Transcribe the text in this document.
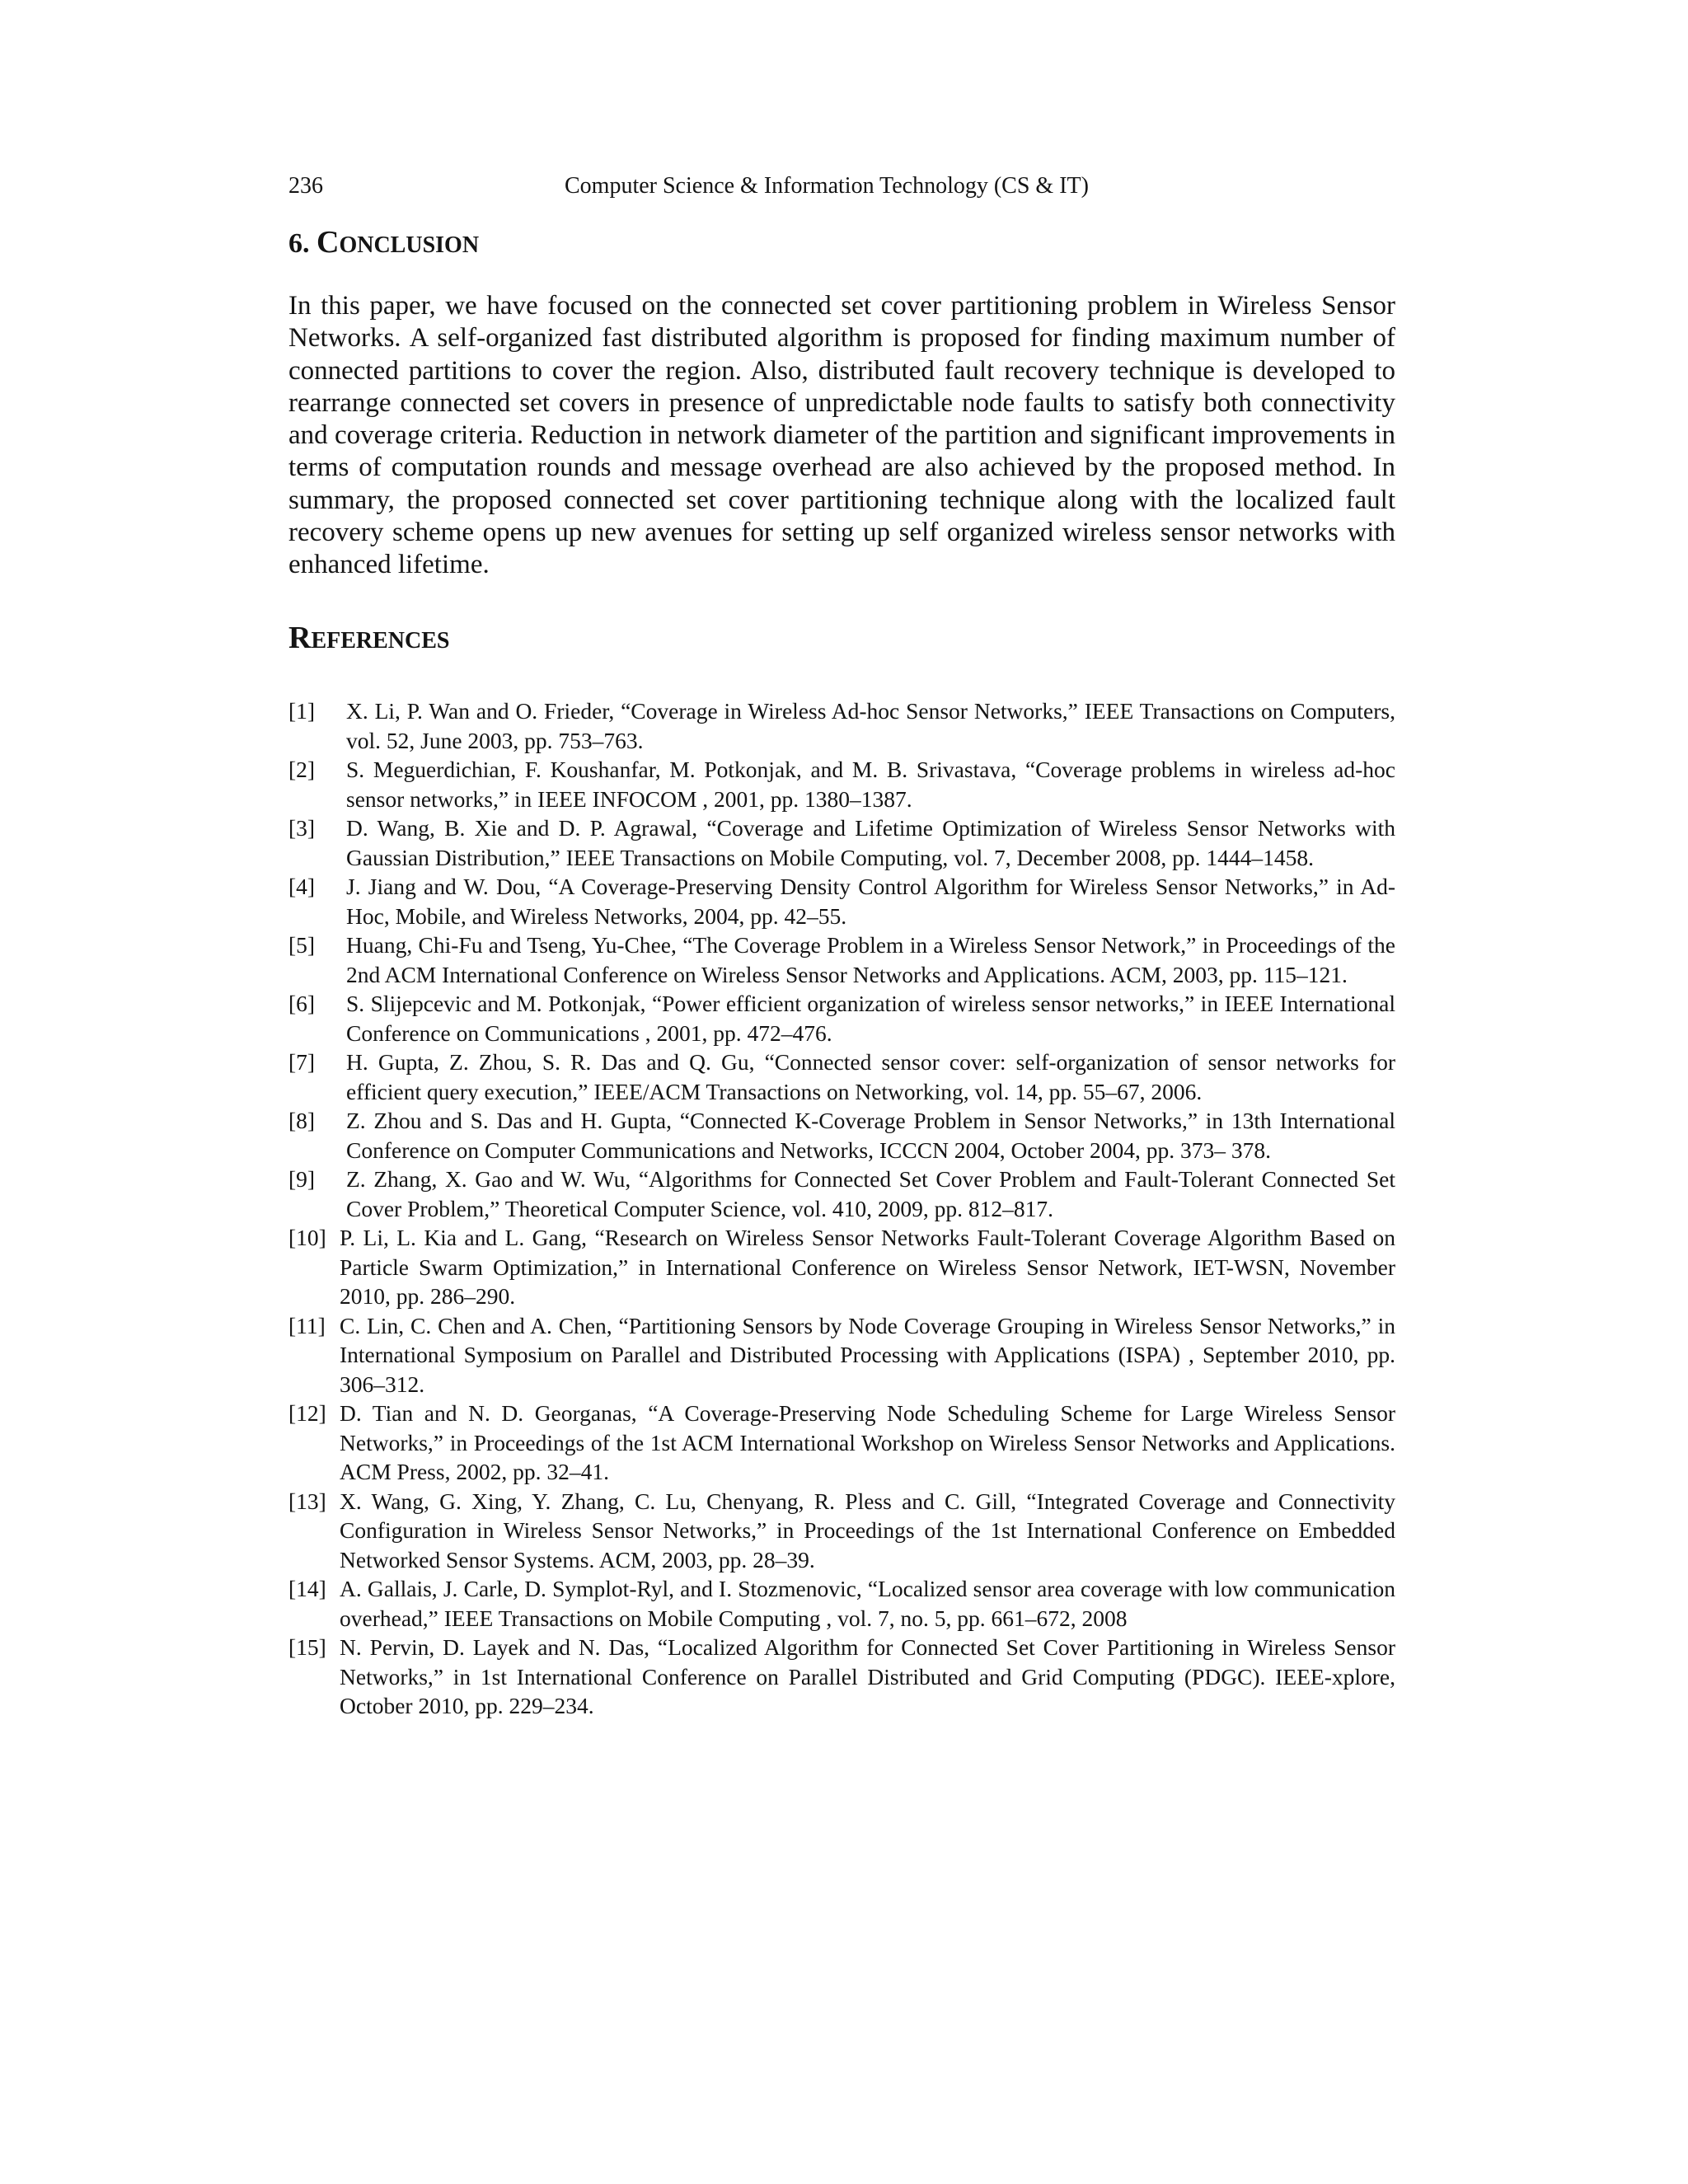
236	Computer Science & Information Technology (CS & IT)
6. CONCLUSION

In this paper, we have focused on the connected set cover partitioning problem in Wireless Sensor Networks. A self-organized fast distributed algorithm is proposed for finding maximum number of connected partitions to cover the region. Also, distributed fault recovery technique is developed to rearrange connected set covers in presence of unpredictable node faults to satisfy both connectivity and coverage criteria. Reduction in network diameter of the partition and significant improvements in terms of computation rounds and message overhead are also achieved by the proposed method. In summary, the proposed connected set cover partitioning technique along with the localized fault recovery scheme opens up new avenues for setting up self organized wireless sensor networks with enhanced lifetime.

REFERENCES
[1]	X. Li, P. Wan and O. Frieder, “Coverage in Wireless Ad-hoc Sensor Networks,” IEEE Transactions on Computers, vol. 52, June 2003, pp. 753–763.
[2]	S. Meguerdichian, F. Koushanfar, M. Potkonjak, and M. B. Srivastava, “Coverage problems in wireless ad-hoc sensor networks,” in IEEE INFOCOM , 2001, pp. 1380–1387.
[3]	D. Wang, B. Xie and D. P. Agrawal, “Coverage and Lifetime Optimization of Wireless Sensor Networks with Gaussian Distribution,” IEEE Transactions on Mobile Computing, vol. 7, December 2008, pp. 1444–1458.
[4]	J. Jiang and W. Dou, “A Coverage-Preserving Density Control Algorithm for Wireless Sensor Networks,” in Ad-Hoc, Mobile, and Wireless Networks, 2004, pp. 42–55.
[5]	Huang, Chi-Fu and Tseng, Yu-Chee, “The Coverage Problem in a Wireless Sensor Network,” in Proceedings of the 2nd ACM International Conference on Wireless Sensor Networks and Applications. ACM, 2003, pp. 115–121.
[6]	S. Slijepcevic and M. Potkonjak, “Power efficient organization of wireless sensor networks,” in IEEE International Conference on Communications , 2001, pp. 472–476.
[7]	H. Gupta, Z. Zhou, S. R. Das and Q. Gu, “Connected sensor cover: self-organization of sensor networks for efficient query execution,” IEEE/ACM Transactions on Networking, vol. 14, pp. 55–67, 2006.
[8]	Z. Zhou and S. Das and H. Gupta, “Connected K-Coverage Problem in Sensor Networks,” in 13th International Conference on Computer Communications and Networks, ICCCN 2004, October 2004, pp. 373– 378.
[9]	Z. Zhang, X. Gao and W. Wu, “Algorithms for Connected Set Cover Problem and Fault-Tolerant Connected Set Cover Problem,” Theoretical Computer Science, vol. 410, 2009, pp. 812–817.
[10] P. Li, L. Kia and L. Gang, “Research on Wireless Sensor Networks Fault-Tolerant Coverage Algorithm Based on Particle Swarm Optimization,” in International Conference on Wireless Sensor Network, IET-WSN, November 2010, pp. 286–290.
[11] C. Lin, C. Chen and A. Chen, “Partitioning Sensors by Node Coverage Grouping in Wireless Sensor Networks,” in International Symposium on Parallel and Distributed Processing with Applications (ISPA) , September 2010, pp. 306–312.
[12] D. Tian and N. D. Georganas, “A Coverage-Preserving Node Scheduling Scheme for Large Wireless Sensor Networks,” in Proceedings of the 1st ACM International Workshop on Wireless Sensor Networks and Applications. ACM Press, 2002, pp. 32–41.
[13] X. Wang, G. Xing, Y. Zhang, C. Lu, Chenyang, R. Pless and C. Gill, “Integrated Coverage and Connectivity Configuration in Wireless Sensor Networks,” in Proceedings of the 1st International Conference on Embedded Networked Sensor Systems. ACM, 2003, pp. 28–39.
[14] A. Gallais, J. Carle, D. Symplot-Ryl, and I. Stozmenovic, “Localized sensor area coverage with low communication overhead,” IEEE Transactions on Mobile Computing , vol. 7, no. 5, pp. 661–672, 2008
[15] N. Pervin, D. Layek and N. Das, “Localized Algorithm for Connected Set Cover Partitioning in Wireless Sensor Networks,” in 1st International Conference on Parallel Distributed and Grid Computing (PDGC). IEEE-xplore, October 2010, pp. 229–234.
